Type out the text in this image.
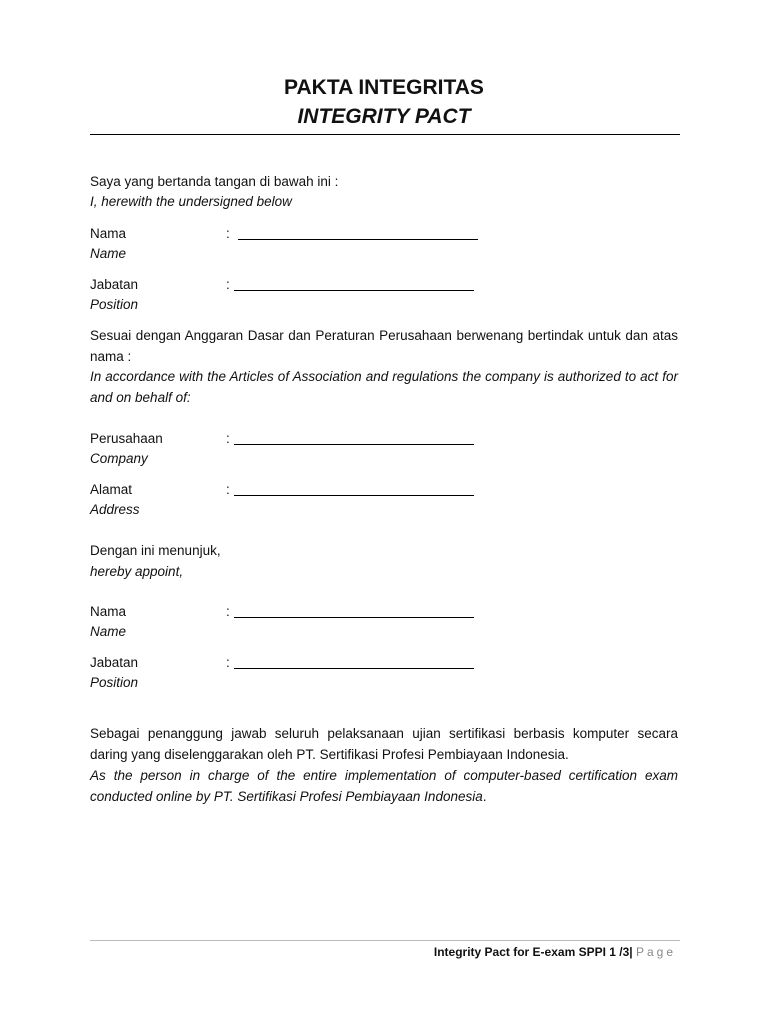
PAKTA INTEGRITAS
INTEGRITY PACT
Saya yang bertanda tangan di bawah ini :
I, herewith the undersigned below
Nama
Name
:
Jabatan
Position
:
Sesuai dengan Anggaran Dasar dan Peraturan Perusahaan berwenang bertindak untuk dan atas nama :
In accordance with the Articles of Association and regulations the company is authorized to act for and on behalf of:
Perusahaan
Company
:
Alamat
Address
:
Dengan ini menunjuk,
hereby appoint,
Nama
Name
:
Jabatan
Position
:
Sebagai penanggung jawab seluruh pelaksanaan ujian sertifikasi berbasis komputer secara daring yang diselenggarakan oleh PT. Sertifikasi Profesi Pembiayaan Indonesia.
As the person in charge of the entire implementation of computer-based certification exam conducted online by PT. Sertifikasi Profesi Pembiayaan Indonesia.
Integrity Pact for E-exam SPPI 1 /3| Page
